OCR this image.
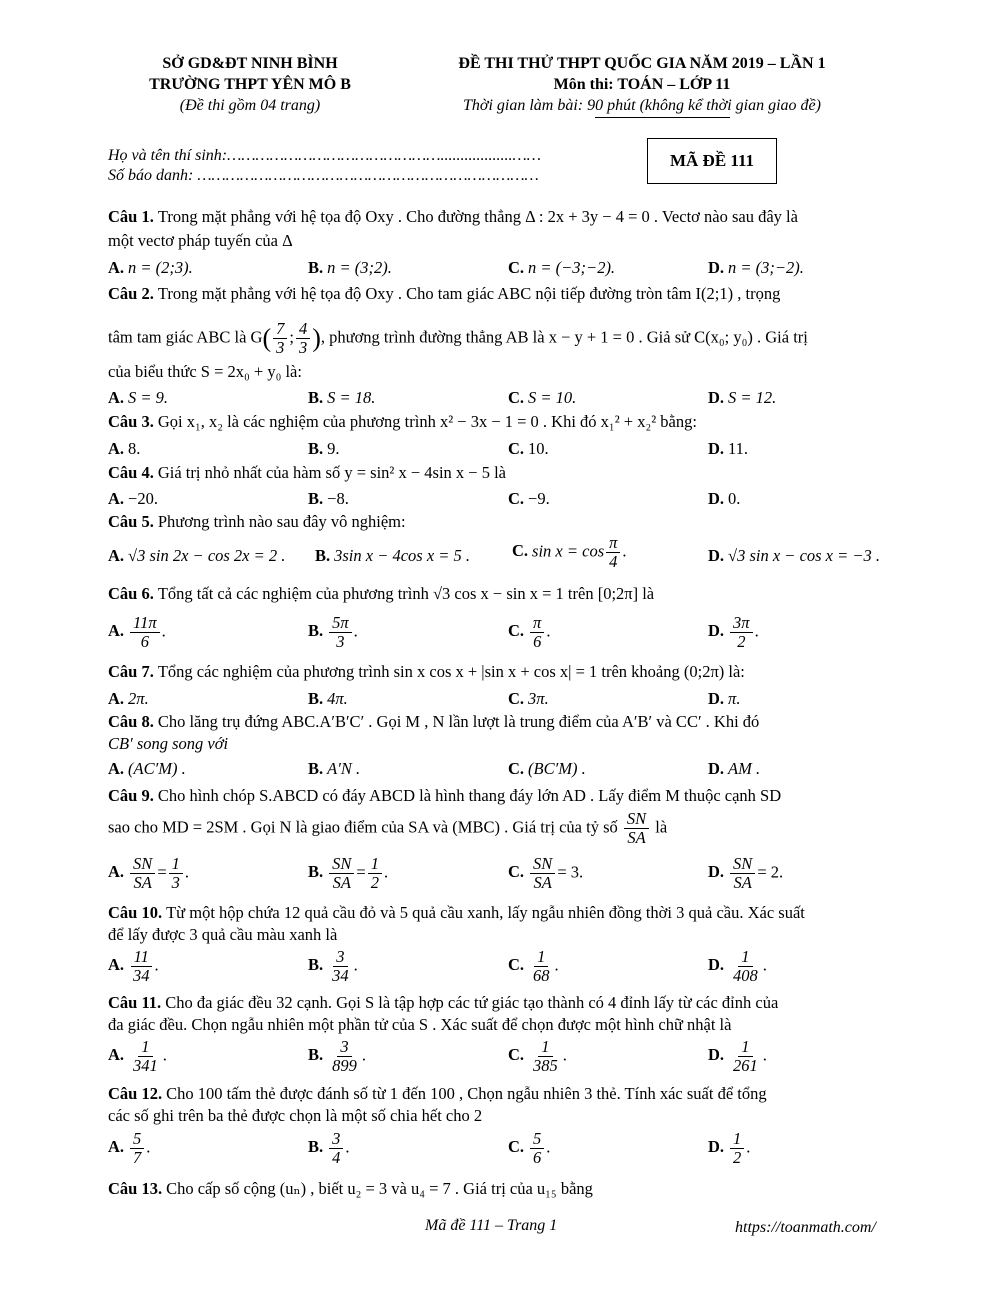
SỞ GD&ĐT NINH BÌNH
TRƯỜNG THPT YÊN MÔ B
(Đề thi gồm 04 trang)
ĐỀ THI THỬ THPT QUỐC GIA NĂM 2019 – LẦN 1
Môn thi: TOÁN – LỚP 11
Thời gian làm bài: 90 phút (không kể thời gian giao đề)
Họ và tên thí sinh:………………………………………..................……
Số báo danh: ………………………………………………………………
MÃ ĐỀ 111
Câu 1. Trong mặt phẳng với hệ tọa độ Oxy . Cho đường thẳng Δ : 2x + 3y − 4 = 0 . Vectơ nào sau đây là
một vectơ pháp tuyến của Δ
A. n = (2;3).	B. n = (3;2).	C. n = (−3;−2).	D. n = (3;−2).
Câu 2. Trong mặt phẳng với hệ tọa độ Oxy . Cho tam giác ABC nội tiếp đường tròn tâm I(2;1) , trọng
tâm tam giác ABC là $G( \frac{7}{3}$ ; $\frac{4}{3}$ ), phương trình đường thẳng AB là x − y + 1 = 0 . Giả sử C(x₀; y₀) . Giá trị
của biểu thức S = 2x₀ + y₀ là:
A. S = 9.	B. S = 18.	C. S = 10.	D. S = 12.
Câu 3. Gọi x₁, x₂ là các nghiệm của phương trình x² − 3x − 1 = 0 . Khi đó x₁² + x₂² bằng:
A. 8.	B. 9.	C. 10.	D. 11.
Câu 4. Giá trị nhỏ nhất của hàm số y = sin² x − 4sin x − 5 là
A. −20.	B. −8.	C. −9.	D. 0.
Câu 5. Phương trình nào sau đây vô nghiệm:
A. √3 sin 2x − cos 2x = 2 . B. 3sin x − 4cos x = 5 .	C. $\sin x = \cos \frac{\pi}{4}$ .	D. √3 sin x − cos x = −3 .
Câu 6. Tổng tất cả các nghiệm của phương trình √3 cos x − sin x = 1 trên [0;2π] là
A. $\frac{11\pi}{6}$ .	B. $\frac{5\pi}{3}$ .	C. $\frac{\pi}{6}$ .	D. $\frac{3\pi}{2}$ .
Câu 7. Tổng các nghiệm của phương trình sin x cos x + |sin x + cos x| = 1 trên khoảng (0;2π) là:
A. 2π.	B. 4π.	C. 3π.	D. π.
Câu 8. Cho lăng trụ đứng ABC.A′B′C′ . Gọi M , N lần lượt là trung điểm của A′B′ và CC′ . Khi đó
CB′ song song với
A. (AC′M) .	B. A′N .	C. (BC′M) .	D. AM .
Câu 9. Cho hình chóp S.ABCD có đáy ABCD là hình thang đáy lớn AD . Lấy điểm M thuộc cạnh SD
sao cho MD = 2SM . Gọi N là giao điểm của SA và (MBC) . Giá trị của tỷ số $\frac{SN}{SA}$ là
A. $\frac{SN}{SA} = \frac{1}{3}$ .	B. $\frac{SN}{SA} = \frac{1}{2}$ .	C. $\frac{SN}{SA} = 3$.	D. $\frac{SN}{SA} = 2$.
Câu 10. Từ một hộp chứa 12 quả cầu đỏ và 5 quả cầu xanh, lấy ngẫu nhiên đồng thời 3 quả cầu. Xác suất
để lấy được 3 quả cầu màu xanh là
A. $\frac{11}{34}$ .	B. $\frac{3}{34}$ .	C. $\frac{1}{68}$ .	D. $\frac{1}{408}$ .
Câu 11. Cho đa giác đều 32 cạnh. Gọi S là tập hợp các tứ giác tạo thành có 4 đỉnh lấy từ các đỉnh của
đa giác đều. Chọn ngẫu nhiên một phần tử của S . Xác suất để chọn được một hình chữ nhật là
A. $\frac{1}{341}$ .	B. $\frac{3}{899}$ .	C. $\frac{1}{385}$ .	D. $\frac{1}{261}$ .
Câu 12. Cho 100 tấm thẻ được đánh số từ 1 đến 100 , Chọn ngẫu nhiên 3 thẻ. Tính xác suất để tổng
các số ghi trên ba thẻ được chọn là một số chia hết cho 2
A. $\frac{5}{7}$ .	B. $\frac{3}{4}$ .	C. $\frac{5}{6}$ .	D. $\frac{1}{2}$ .
Câu 13. Cho cấp số cộng (uₙ) , biết u₂ = 3 và u₄ = 7 . Giá trị của u₁₅ bằng
Mã đề 111 – Trang 1	https://toanmath.com/
